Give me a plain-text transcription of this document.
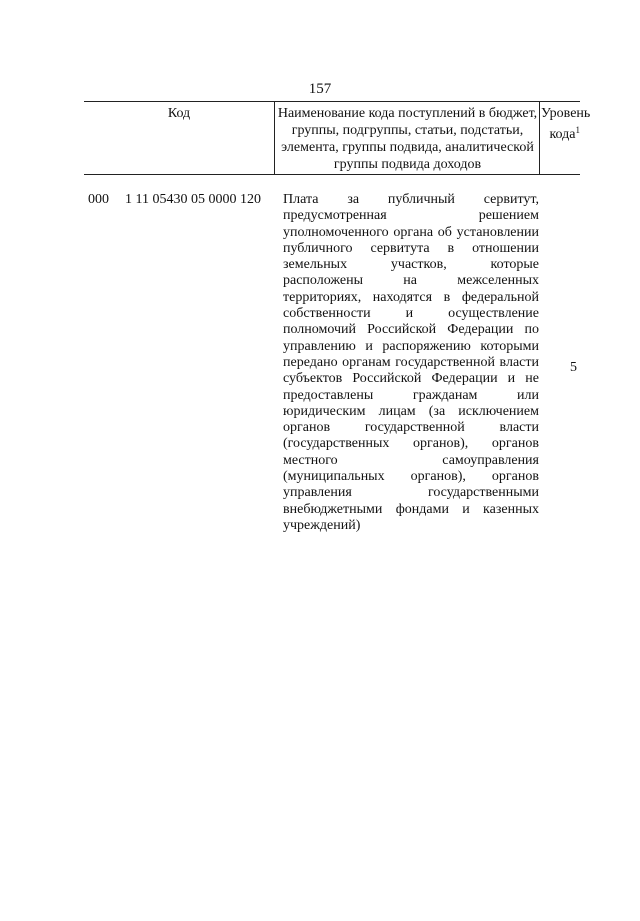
157
Код	Наименование кода поступлений в бюджет, группы, подгруппы, статьи, подстатьи, элемента, группы подвида, аналитической группы подвида доходов
Уровень кода$^1$
000 1 11 05430 05 0000 120 Плата за публичный сервитут, предусмотренная решением уполномоченного органа об установлении публичного сервитута в отношении земельных участков, которые расположены на межселенных территориях, находятся в федеральной собственности и осуществление полномочий Российской Федерации по управлению и распоряжению которыми передано органам государственной власти субъектов Российской Федерации и не предоставлены гражданам или юридическим лицам (за исключением органов государственной власти (государственных органов), органов местного самоуправления (муниципальных органов), органов управления государственными внебюджетными фондами и казенных учреждений)
5
